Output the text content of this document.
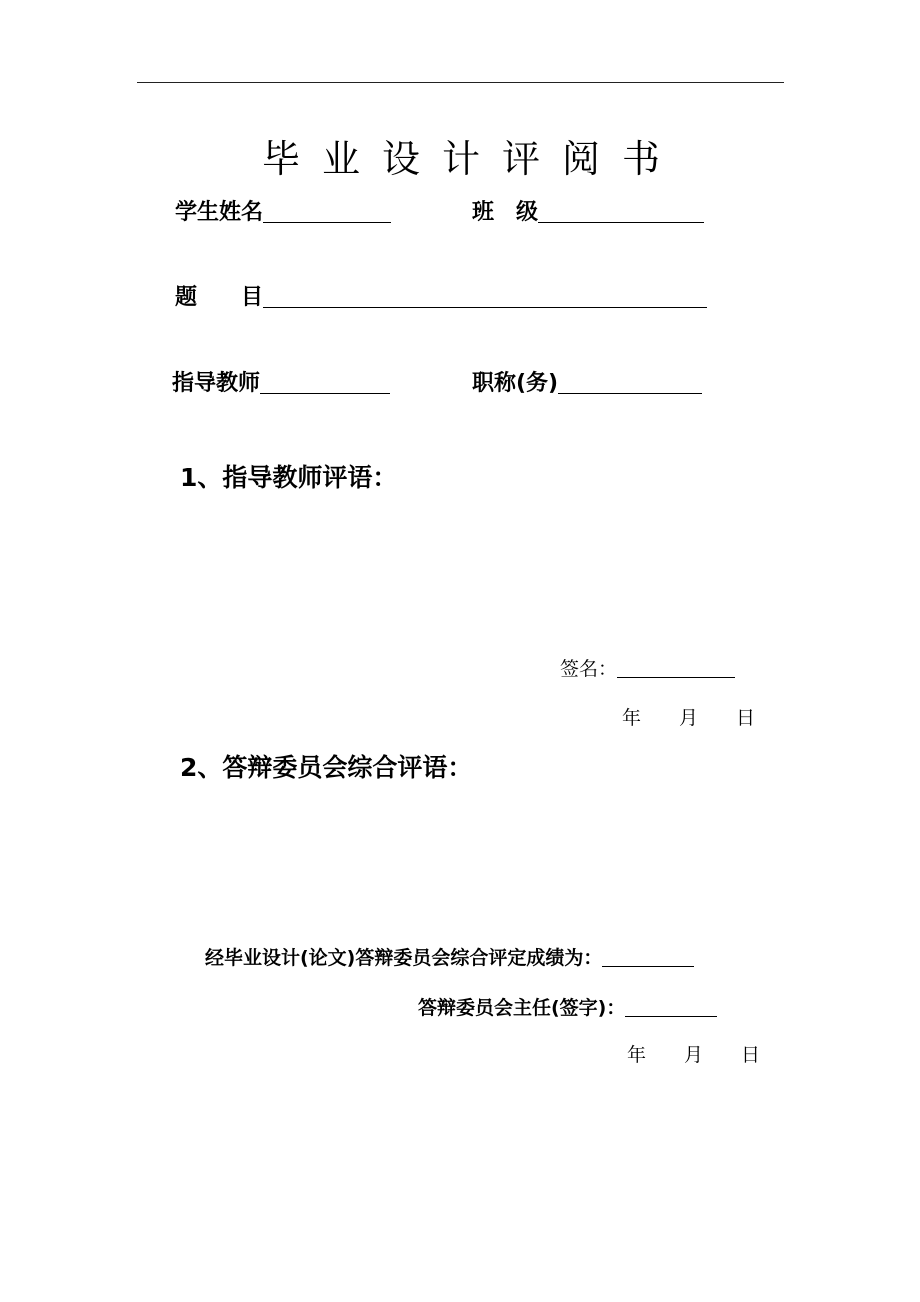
毕业设计评阅书
学生姓名	班　级
题　　目
指导教师	职称(务)
1、指导教师评语：
签名：
年　　月　　日
2、答辩委员会综合评语：
经毕业设计(论文)答辩委员会综合评定成绩为：
答辩委员会主任(签字)：
年　　月　　日
